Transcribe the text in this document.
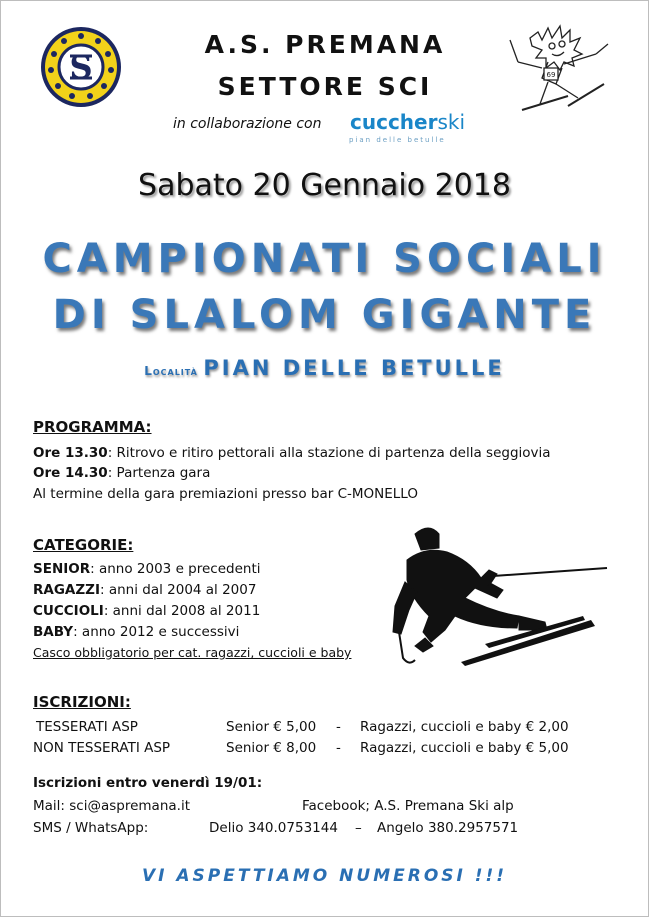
S
A.S. PREMANA
SETTORE SCI
in collaborazione con cuccherski
pian delle betulle
69
Sabato 20 Gennaio 2018
CAMPIONATI SOCIALI
DI SLALOM GIGANTE
Località PIAN DELLE BETULLE
PROGRAMMA:
Ore 13.30: Ritrovo e ritiro pettorali alla stazione di partenza della seggiovia
Ore 14.30: Partenza gara
Al termine della gara premiazioni presso bar C-MONELLO
CATEGORIE:
SENIOR: anno 2003 e precedenti
RAGAZZI: anni dal 2004 al 2007
CUCCIOLI: anni dal 2008 al 2011
BABY: anno 2012 e successivi
Casco obbligatorio per cat. ragazzi, cuccioli e baby
ISCRIZIONI:
TESSERATI ASP	Senior € 5,00 - Ragazzi, cuccioli e baby € 2,00
NON TESSERATI ASP	Senior € 8,00 - Ragazzi, cuccioli e baby € 5,00
Iscrizioni entro venerdì 19/01:
Mail: sci@aspremana.it	Facebook; A.S. Premana Ski alp
SMS / WhatsApp:	Delio 340.0753144 – Angelo 380.2957571
VI ASPETTIAMO NUMEROSI !!!
